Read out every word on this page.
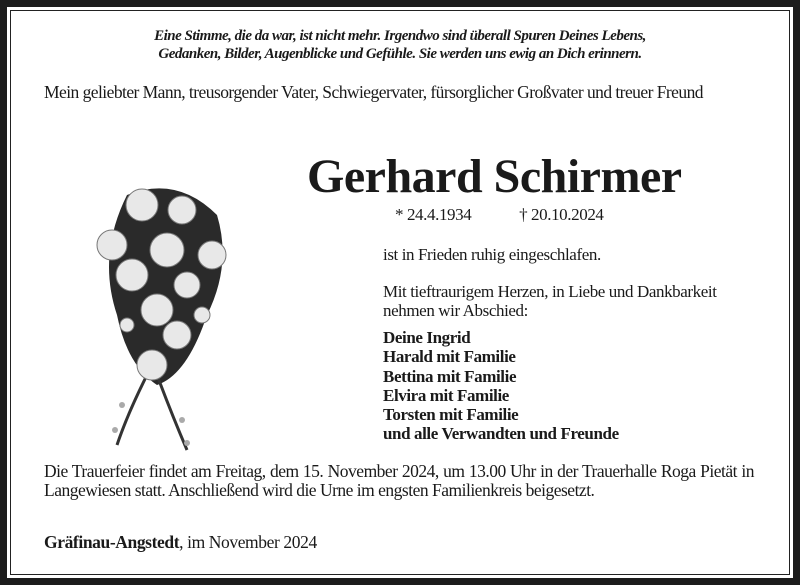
Eine Stimme, die da war, ist nicht mehr. Irgendwo sind überall Spuren Deines Lebens,
Gedanken, Bilder, Augenblicke und Gefühle. Sie werden uns ewig an Dich erinnern.
Mein geliebter Mann, treusorgender Vater, Schwiegervater, fürsorglicher Großvater und treuer Freund
Gerhard Schirmer
* 24.4.1934	† 20.10.2024
ist in Frieden ruhig eingeschlafen.
Mit tieftraurigem Herzen, in Liebe und Dankbarkeit nehmen wir Abschied:
Deine Ingrid
Harald mit Familie
Bettina mit Familie
Elvira mit Familie
Torsten mit Familie
und alle Verwandten und Freunde
Die Trauerfeier findet am Freitag, dem 15. November 2024, um 13.00 Uhr in der Trauerhalle Roga Pietät in Langewiesen statt. Anschließend wird die Urne im engsten Familienkreis beigesetzt.
Gräfinau-Angstedt, im November 2024
